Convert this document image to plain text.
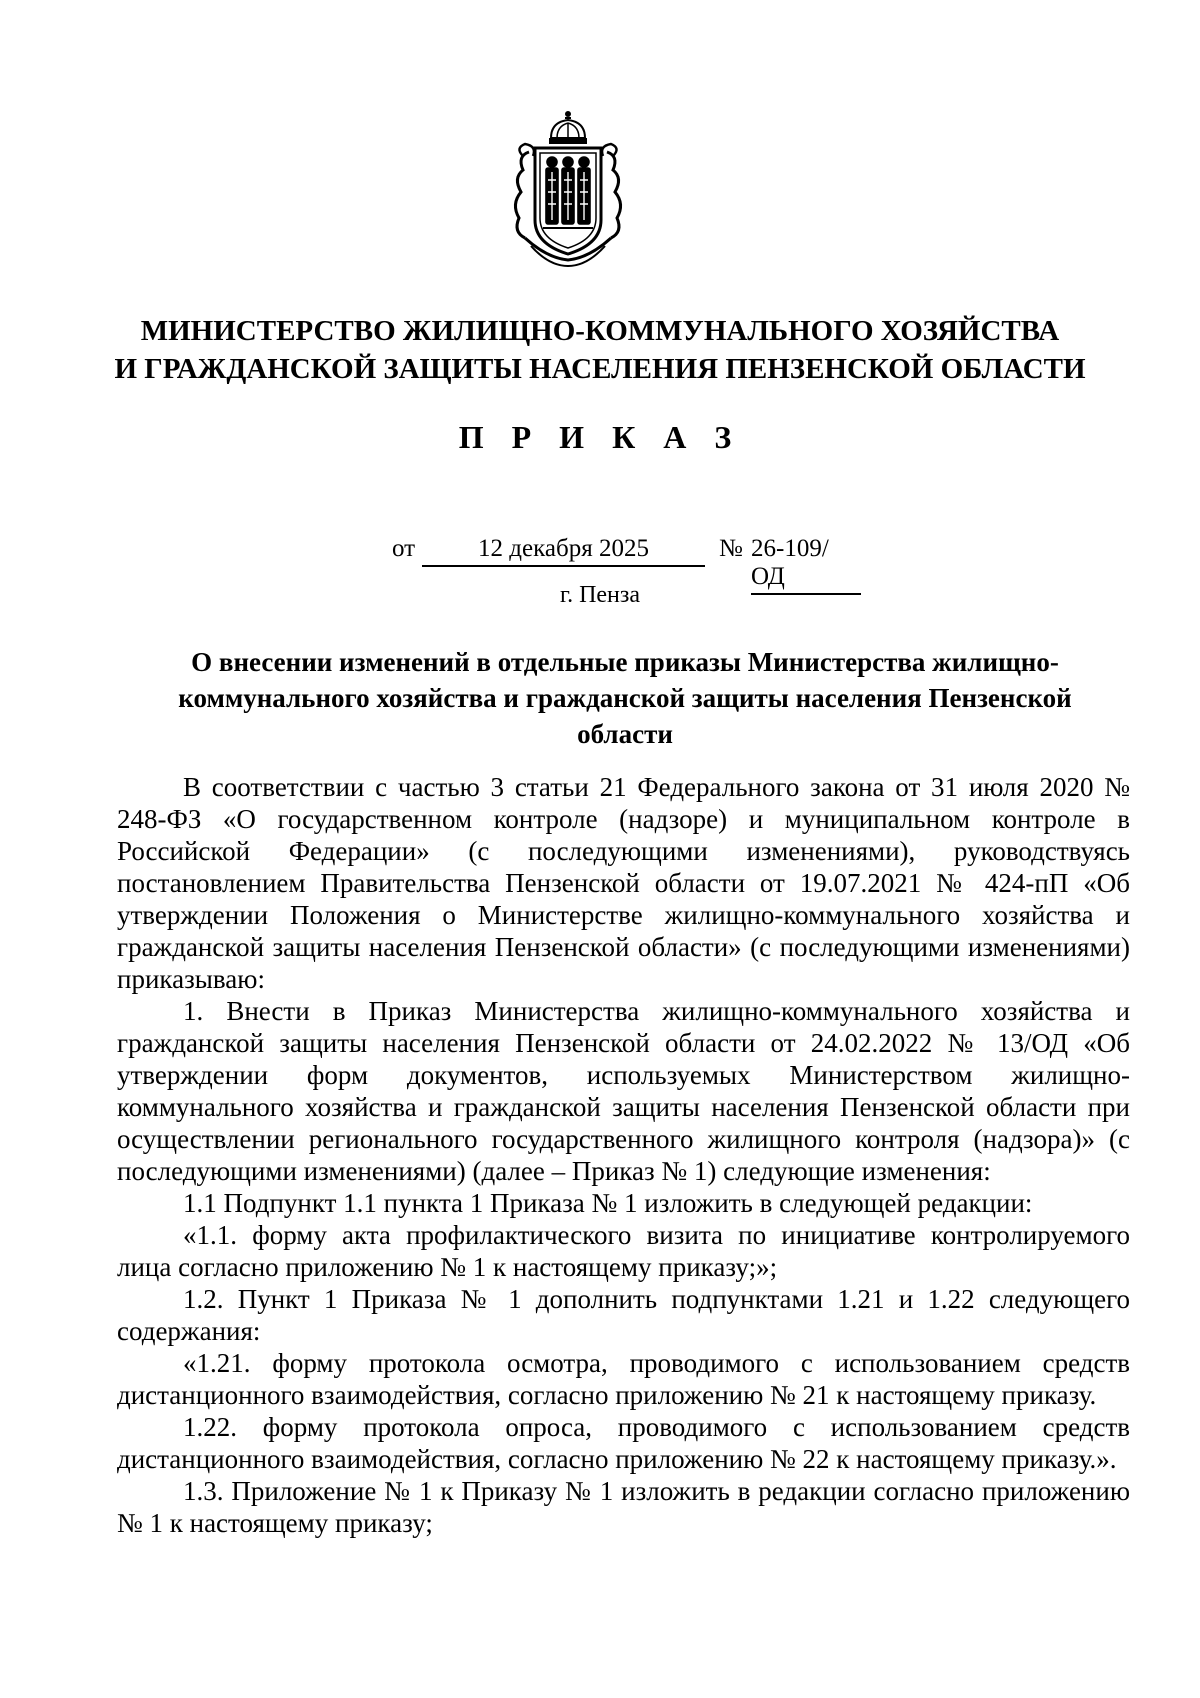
МИНИСТЕРСТВО ЖИЛИЩНО-КОММУНАЛЬНОГО ХОЗЯЙСТВА
И ГРАЖДАНСКОЙ ЗАЩИТЫ НАСЕЛЕНИЯ ПЕНЗЕНСКОЙ ОБЛАСТИ
П Р И К А З
от	12 декабря 2025	№ 26-109/ОД
г. Пенза
О внесении изменений в отдельные приказы Министерства жилищно-коммунального хозяйства и гражданской защиты населения Пензенской области

В соответствии с частью 3 статьи 21 Федерального закона от 31 июля 2020 № 248-ФЗ «О государственном контроле (надзоре) и муниципальном контроле в Российской Федерации» (с последующими изменениями), руководствуясь постановлением Правительства Пензенской области от 19.07.2021 № 424-пП «Об утверждении Положения о Министерстве жилищно-коммунального хозяйства и гражданской защиты населения Пензенской области» (с последующими изменениями) приказываю:

1. Внести в Приказ Министерства жилищно-коммунального хозяйства и гражданской защиты населения Пензенской области от 24.02.2022 № 13/ОД «Об утверждении форм документов, используемых Министерством жилищно-коммунального хозяйства и гражданской защиты населения Пензенской области при осуществлении регионального государственного жилищного контроля (надзора)» (с последующими изменениями) (далее – Приказ № 1) следующие изменения:

1.1 Подпункт 1.1 пункта 1 Приказа № 1 изложить в следующей редакции:

«1.1. форму акта профилактического визита по инициативе контролируемого лица согласно приложению № 1 к настоящему приказу;»;

1.2. Пункт 1 Приказа № 1 дополнить подпунктами 1.21 и 1.22 следующего содержания:

«1.21. форму протокола осмотра, проводимого с использованием средств дистанционного взаимодействия, согласно приложению № 21 к настоящему приказу.

1.22. форму протокола опроса, проводимого с использованием средств дистанционного взаимодействия, согласно приложению № 22 к настоящему приказу.».

1.3. Приложение № 1 к Приказу № 1 изложить в редакции согласно приложению № 1 к настоящему приказу;
